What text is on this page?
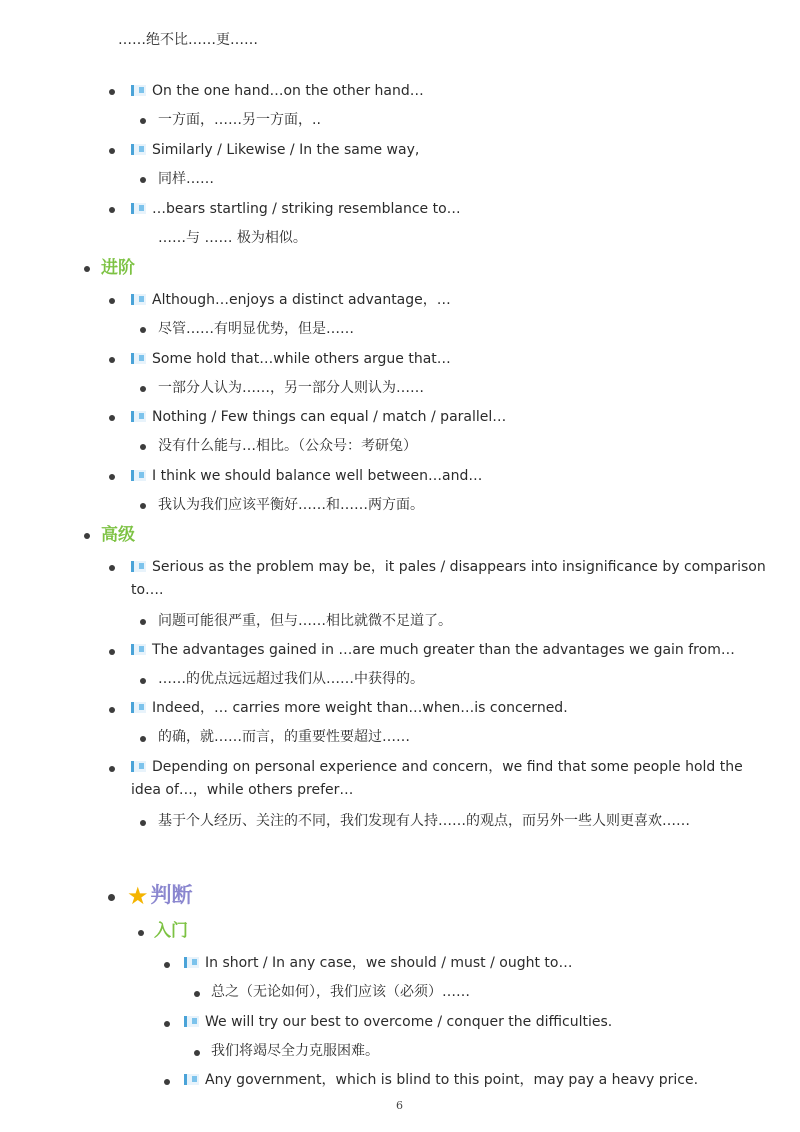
……绝不比……更……
On the one hand…on the other hand…
一方面，……另一方面，..
Similarly / Likewise / In the same way,
同样……
…bears startling / striking resemblance to…
……与 …… 极为相似。
进阶
Although…enjoys a distinct advantage，…
尽管……有明显优势，但是……
Some hold that…while others argue that…
一部分人认为……，另一部分人则认为……
Nothing / Few things can equal / match / parallel…
没有什么能与…相比。（公众号：考研兔）
I think we should balance well between…and…
我认为我们应该平衡好……和……两方面。
高级
Serious as the problem may be，it pales / disappears into insignificance by comparison to….
问题可能很严重，但与……相比就微不足道了。
The advantages gained in …are much greater than the advantages we gain from…
……的优点远远超过我们从……中获得的。
Indeed，… carries more weight than…when…is concerned.
的确，就……而言，的重要性要超过……
Depending on personal experience and concern，we find that some people hold the idea of…，while others prefer…
基于个人经历、关注的不同，我们发现有人持……的观点，而另外一些人则更喜欢……
★判断
入门
In short / In any case，we should / must / ought to…
总之（无论如何），我们应该（必须）……
We will try our best to overcome / conquer the difficulties.
我们将竭尽全力克服困难。
Any government，which is blind to this point，may pay a heavy price.
6
